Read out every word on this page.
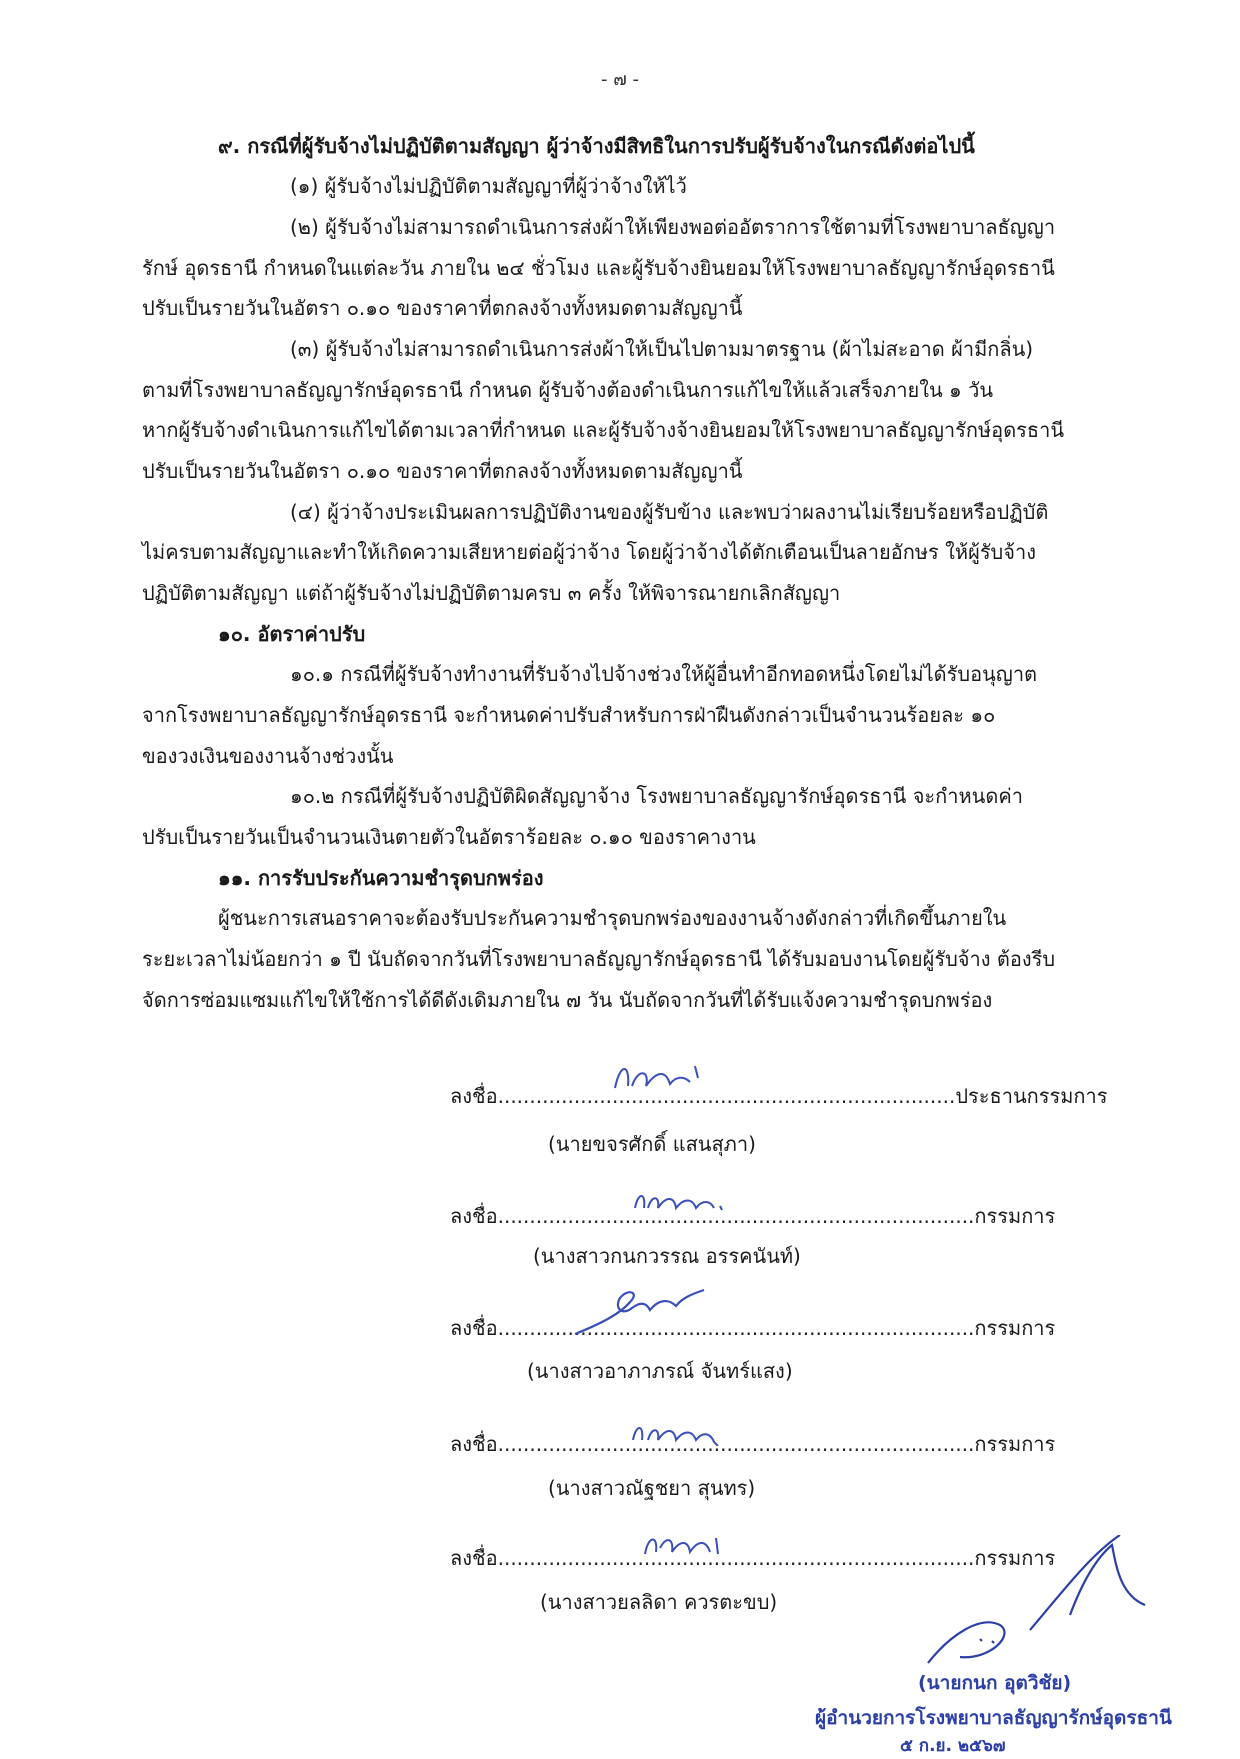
- ๗ -
๙. กรณีที่ผู้รับจ้างไม่ปฏิบัติตามสัญญา ผู้ว่าจ้างมีสิทธิในการปรับผู้รับจ้างในกรณีดังต่อไปนี้
(๑) ผู้รับจ้างไม่ปฏิบัติตามสัญญาที่ผู้ว่าจ้างให้ไว้
(๒) ผู้รับจ้างไม่สามารถดำเนินการส่งผ้าให้เพียงพอต่ออัตราการใช้ตามที่โรงพยาบาลธัญญา
รักษ์ อุดรธานี กำหนดในแต่ละวัน ภายใน ๒๔ ชั่วโมง และผู้รับจ้างยินยอมให้โรงพยาบาลธัญญารักษ์อุดรธานี
ปรับเป็นรายวันในอัตรา ๐.๑๐ ของราคาที่ตกลงจ้างทั้งหมดตามสัญญานี้
(๓) ผู้รับจ้างไม่สามารถดำเนินการส่งผ้าให้เป็นไปตามมาตรฐาน (ผ้าไม่สะอาด ผ้ามีกลิ่น)
ตามที่โรงพยาบาลธัญญารักษ์อุดรธานี กำหนด ผู้รับจ้างต้องดำเนินการแก้ไขให้แล้วเสร็จภายใน ๑ วัน
หากผู้รับจ้างดำเนินการแก้ไขได้ตามเวลาที่กำหนด และผู้รับจ้างจ้างยินยอมให้โรงพยาบาลธัญญารักษ์อุดรธานี
ปรับเป็นรายวันในอัตรา ๐.๑๐ ของราคาที่ตกลงจ้างทั้งหมดตามสัญญานี้
(๔) ผู้ว่าจ้างประเมินผลการปฏิบัติงานของผู้รับข้าง และพบว่าผลงานไม่เรียบร้อยหรือปฏิบัติ
ไม่ครบตามสัญญาและทำให้เกิดความเสียหายต่อผู้ว่าจ้าง โดยผู้ว่าจ้างได้ตักเตือนเป็นลายอักษร ให้ผู้รับจ้าง
ปฏิบัติตามสัญญา แต่ถ้าผู้รับจ้างไม่ปฏิบัติตามครบ ๓ ครั้ง ให้พิจารณายกเลิกสัญญา
๑๐. อัตราค่าปรับ
๑๐.๑ กรณีที่ผู้รับจ้างทำงานที่รับจ้างไปจ้างช่วงให้ผู้อื่นทำอีกทอดหนึ่งโดยไม่ได้รับอนุญาต
จากโรงพยาบาลธัญญารักษ์อุดรธานี จะกำหนดค่าปรับสำหรับการฝ่าฝืนดังกล่าวเป็นจำนวนร้อยละ ๑๐
ของวงเงินของงานจ้างช่วงนั้น
๑๐.๒ กรณีที่ผู้รับจ้างปฏิบัติผิดสัญญาจ้าง โรงพยาบาลธัญญารักษ์อุดรธานี จะกำหนดค่า
ปรับเป็นรายวันเป็นจำนวนเงินตายตัวในอัตราร้อยละ ๐.๑๐ ของราคางาน
๑๑. การรับประกันความชำรุดบกพร่อง
ผู้ชนะการเสนอราคาจะต้องรับประกันความชำรุดบกพร่องของงานจ้างดังกล่าวที่เกิดขึ้นภายใน
ระยะเวลาไม่น้อยกว่า ๑ ปี นับถัดจากวันที่โรงพยาบาลธัญญารักษ์อุดรธานี ได้รับมอบงานโดยผู้รับจ้าง ต้องรีบ
จัดการซ่อมแซมแก้ไขให้ใช้การได้ดีดังเดิมภายใน ๗ วัน นับถัดจากวันที่ได้รับแจ้งความชำรุดบกพร่อง
ลงชื่อ........................................................................ประธานกรรมการ
(นายขจรศักดิ์ แสนสุภา)
ลงชื่อ...........................................................................กรรมการ
(นางสาวกนกวรรณ อรรคนันท์)
ลงชื่อ...........................................................................กรรมการ
(นางสาวอาภาภรณ์ จันทร์แสง)
ลงชื่อ...........................................................................กรรมการ
(นางสาวณัฐชยา สุนทร)
ลงชื่อ...........................................................................กรรมการ
(นางสาวยลลิดา ควรตะขบ)
(นายกนก อุตวิชัย)
ผู้อำนวยการโรงพยาบาลธัญญารักษ์อุดรธานี
๕ ก.ย. ๒๕๖๗
